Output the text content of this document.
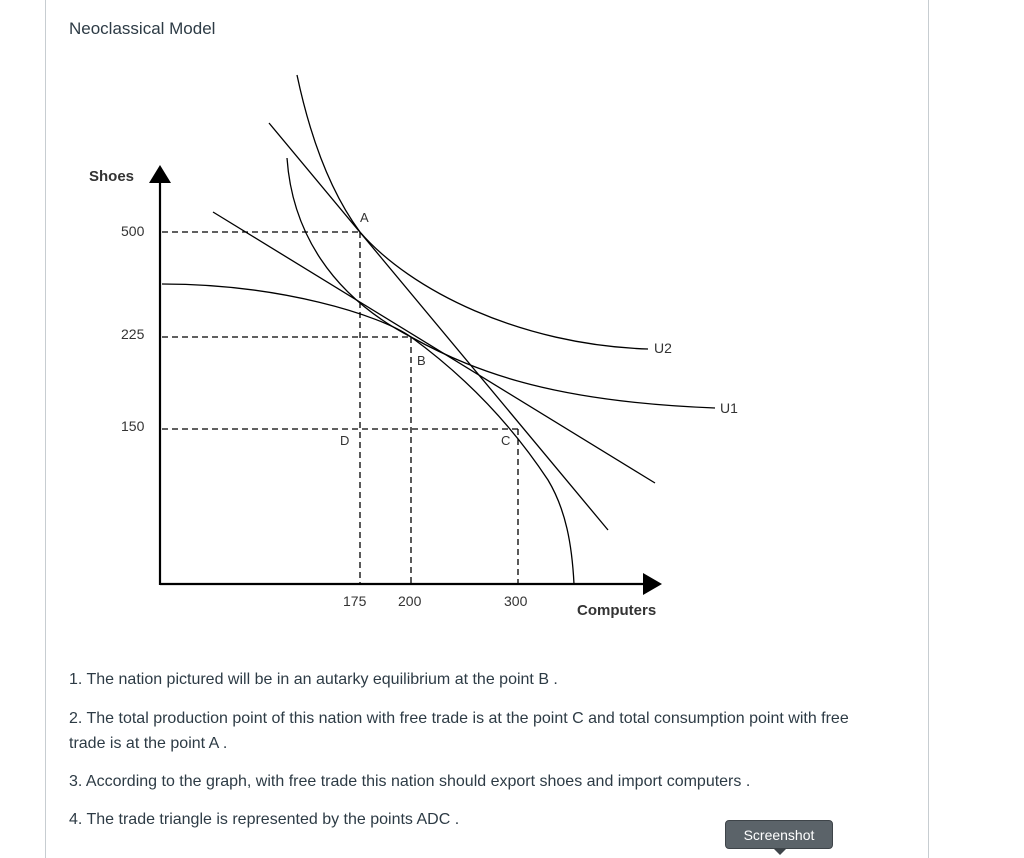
Neoclassical Model
Shoes
Computers
500
225
150
175 200	300
U2
U1
A
B
C
D

1. The nation pictured will be in an autarky equilibrium at the point B .

2. The total production point of this nation with free trade is at the point C and total consumption point with free trade is at the point A .

3. According to the graph, with free trade this nation should export shoes and import computers .

4. The trade triangle is represented by the points ADC .

Screenshot
